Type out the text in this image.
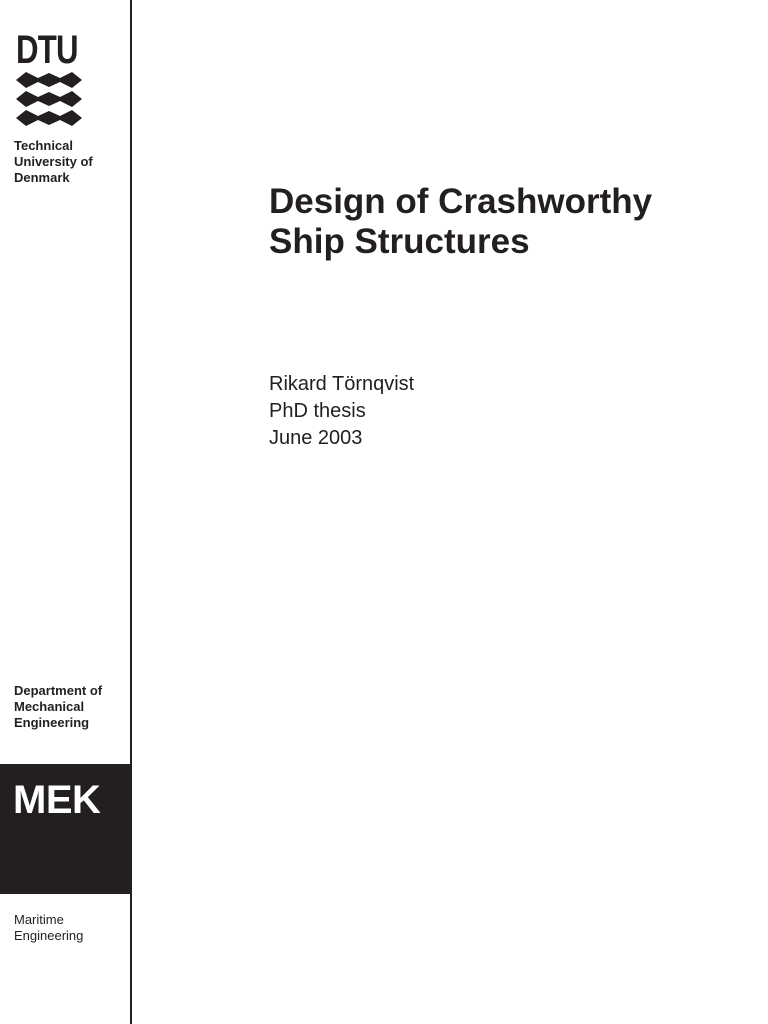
DTU
Technical
University of
Denmark
Department of
Mechanical
Engineering
MEK
Maritime
Engineering
Design of Crashworthy
Ship Structures
Rikard Törnqvist
PhD thesis
June 2003
